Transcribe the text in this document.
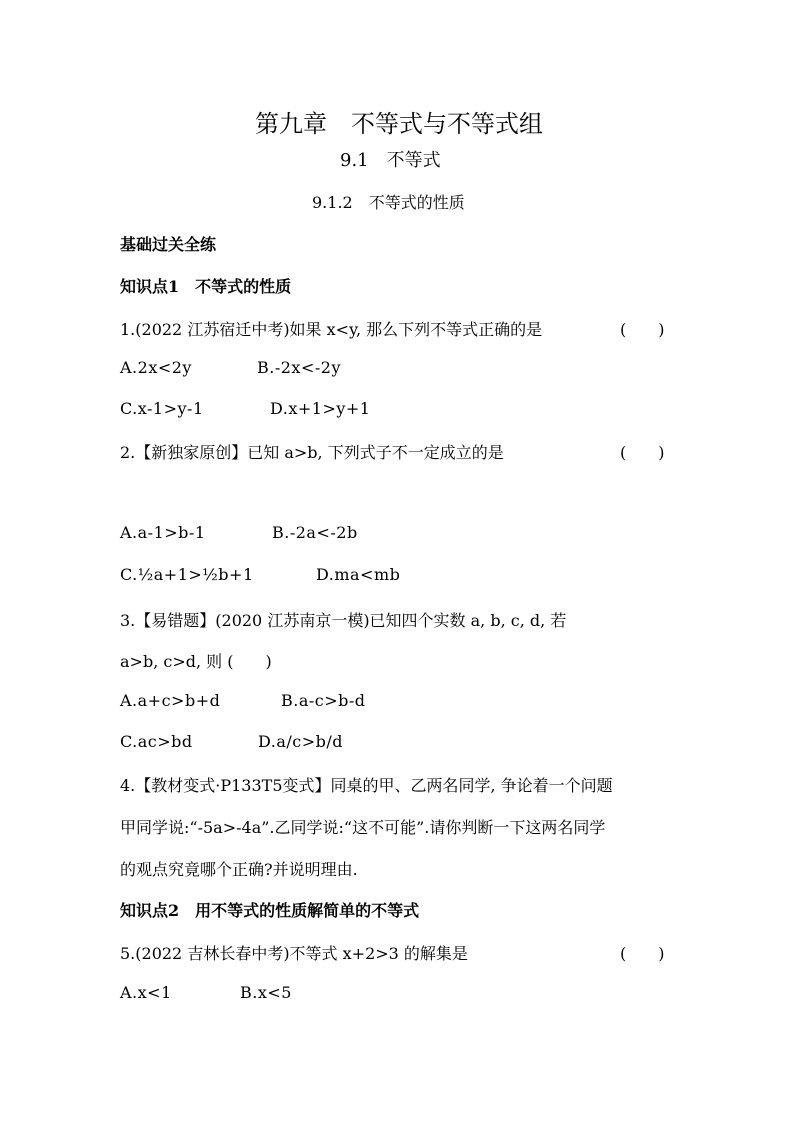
第九章　不等式与不等式组
9.1　不等式
9.1.2　不等式的性质
基础过关全练
知识点1　不等式的性质
1.(2022 江苏宿迁中考)如果 x<y, 那么下列不等式正确的是	(　　)
A.2x<2y	B.-2x<-2y
C.x-1>y-1	D.x+1>y+1
2.【新独家原创】已知 a>b, 下列式子不一定成立的是	(　　)
A.a-1>b-1	B.-2a<-2b
C.½a+1>½b+1	D.ma<mb
3.【易错题】(2020 江苏南京一模)已知四个实数 a, b, c, d, 若
a>b, c>d, 则 (　　)
A.a+c>b+d	B.a-c>b-d
C.ac>bd	D.a/c>b/d
4.【教材变式·P133T5变式】同桌的甲、乙两名同学, 争论着一个问题
甲同学说:“-5a>-4a”.乙同学说:“这不可能”.请你判断一下这两名同学
的观点究竟哪个正确?并说明理由.
知识点2　用不等式的性质解简单的不等式
5.(2022 吉林长春中考)不等式 x+2>3 的解集是	(　　)
A.x<1	B.x<5
